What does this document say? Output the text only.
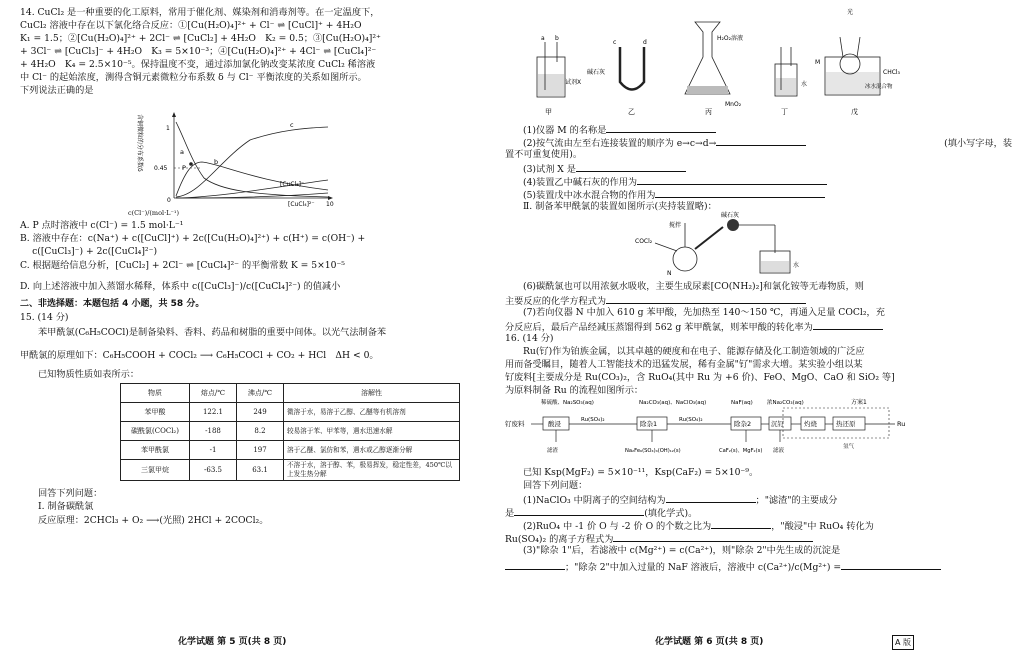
14. CuCl₂ 是一种重要的化工原料，常用于催化剂、媒染剂和消毒剂等。在一定温度下，
CuCl₂ 溶液中存在以下氯化络合反应：①[Cu(H₂O)₄]²⁺ + Cl⁻ ⇌ [CuCl]⁺ + 4H₂O
K₁ = 1.5；②[Cu(H₂O)₄]²⁺ + 2Cl⁻ ⇌ [CuCl₂] + 4H₂O　K₂ = 0.5；③[Cu(H₂O)₄]²⁺
+ 3Cl⁻ ⇌ [CuCl₃]⁻ + 4H₂O　K₃ = 5×10⁻³；④[Cu(H₂O)₄]²⁺ + 4Cl⁻ ⇌ [CuCl₄]²⁻
+ 4H₂O　K₄ = 2.5×10⁻⁵。保持温度不变，通过添加氯化钠改变某浓度 CuCl₂ 稀溶液
中 Cl⁻ 的起始浓度，测得含铜元素微粒分布系数 δ 与 Cl⁻ 平衡浓度的关系如图所示。
下列说法正确的是
含铜微粒的分布系数δ	1
0.45
0
a
b
c
P
[CuCl₃]⁻
[CuCl₄]²⁻ 10
c(Cl⁻)/(mol·L⁻¹)
A. P 点时溶液中 c(Cl⁻) = 1.5 mol·L⁻¹
B. 溶液中存在：c(Na⁺) + c([CuCl]⁺) + 2c([Cu(H₂O)₄]²⁺) + c(H⁺) = c(OH⁻) +
　 c([CuCl₃]⁻) + 2c([CuCl₄]²⁻)
C. 根据题给信息分析，[CuCl₂] + 2Cl⁻ ⇌ [CuCl₄]²⁻ 的平衡常数 K = 5×10⁻⁵
D. 向上述溶液中加入蒸馏水稀释，体系中 c([CuCl₃]⁻)/c([CuCl₄]²⁻) 的值减小
二、非选择题：本题包括 4 小题，共 58 分。
15. (14 分)
苯甲酰氯(C₆H₅COCl)是制备染料、香料、药品和树脂的重要中间体。以光气法制备苯
甲酰氯的原理如下：C₆H₅COOH + COCl₂ ⟶ C₆H₅COCl + CO₂ + HCl　ΔH < 0。
已知物质性质如表所示：
物质	熔点/℃	沸点/℃	溶解性
苯甲酸	122.1	249	微溶于水，易溶于乙醇、乙醚等有机溶剂
碳酰氯(COCl₂)	-188	8.2	较易溶于苯、甲苯等，遇水迅速水解
苯甲酰氯	-1	197	溶于乙醚、氯仿和苯，遇水或乙醇逐渐分解
三氯甲烷	-63.5	63.1	不溶于水，溶于醇、苯，极易挥发，稳定性差，450℃以上发生热分解
回答下列问题：
Ⅰ. 制备碳酰氯
反应原理：2CHCl₃ + O₂ ⟶(光照) 2HCl + 2COCl₂。
化学试题 第 5 页(共 8 页)
a b
试剂X
甲
碱石灰
c	d
乙
H₂O₂溶液
MnO₂
丙
水
丁
光
M
CHCl₃
冰水混合物
戊
(1)仪器 M 的名称是
(2)按气流由左至右连接装置的顺序为 e→c→d→	　　　　　　　　　　　　　　　(填小写字母，装
置不可重复使用)。
(3)试剂 X 是
(4)装置乙中碱石灰的作用为
(5)装置戊中冰水混合物的作用为
Ⅱ. 制备苯甲酰氯的装置如图所示(夹持装置略)：
碱石灰
搅拌
COCl₂
N
水
(6)碳酰氯也可以用浓氨水吸收，主要生成尿素[CO(NH₂)₂]和氯化铵等无毒物质，则
主要反应的化学方程式为
(7)若向仪器 N 中加入 610 g 苯甲酸，先加热至 140～150 ℃，再通入足量 COCl₂，充
分反应后，最后产品经减压蒸馏得到 562 g 苯甲酰氯，则苯甲酸的转化率为
16. (14 分)
Ru(钌)作为铂族金属，以其卓越的硬度和在电子、能源存储及化工制造领域的广泛应
用而备受瞩目，随着人工智能技术的迅猛发展，稀有金属"钌"需求大增。某实验小组以某
钌废料[主要成分是 Ru(CO₃)₂，含 RuO₄(其中 Ru 为 +6 价)、FeO、MgO、CaO 和 SiO₂ 等]
为原料制备 Ru 的流程如图所示：
稀硫酸、Na₂SO₃(aq)	Na₂CO₃(aq)、NaClO₃(aq)	NaF(aq)	浓Na₂CO₃(aq)	方案1
钌废料	酸浸	Ru(SO₄)₂	除杂1	Ru(SO₄)₂	除杂2	沉钌	灼烧	热还原	Ru
氢气
滤渣	Na₂Fe₆(SO₄)₄(OH)₁₂(s)	CaF₂(s)、MgF₂(s) 滤液
已知 Ksp(MgF₂) = 5×10⁻¹¹，Ksp(CaF₂) = 5×10⁻⁹。
回答下列问题：
(1)NaClO₃ 中阴离子的空间结构为	；"滤渣"的主要成分
是	(填化学式)。
(2)RuO₄ 中 -1 价 O 与 -2 价 O 的个数之比为	，"酸浸"中 RuO₄ 转化为
Ru(SO₄)₂ 的离子方程式为
(3)"除杂 1"后，若滤液中 c(Mg²⁺) = c(Ca²⁺)，则"除杂 2"中先生成的沉淀是
；"除杂 2"中加入过量的 NaF 溶液后，溶液中 c(Ca²⁺)/c(Mg²⁺) =
化学试题 第 6 页(共 8 页)	A 版
